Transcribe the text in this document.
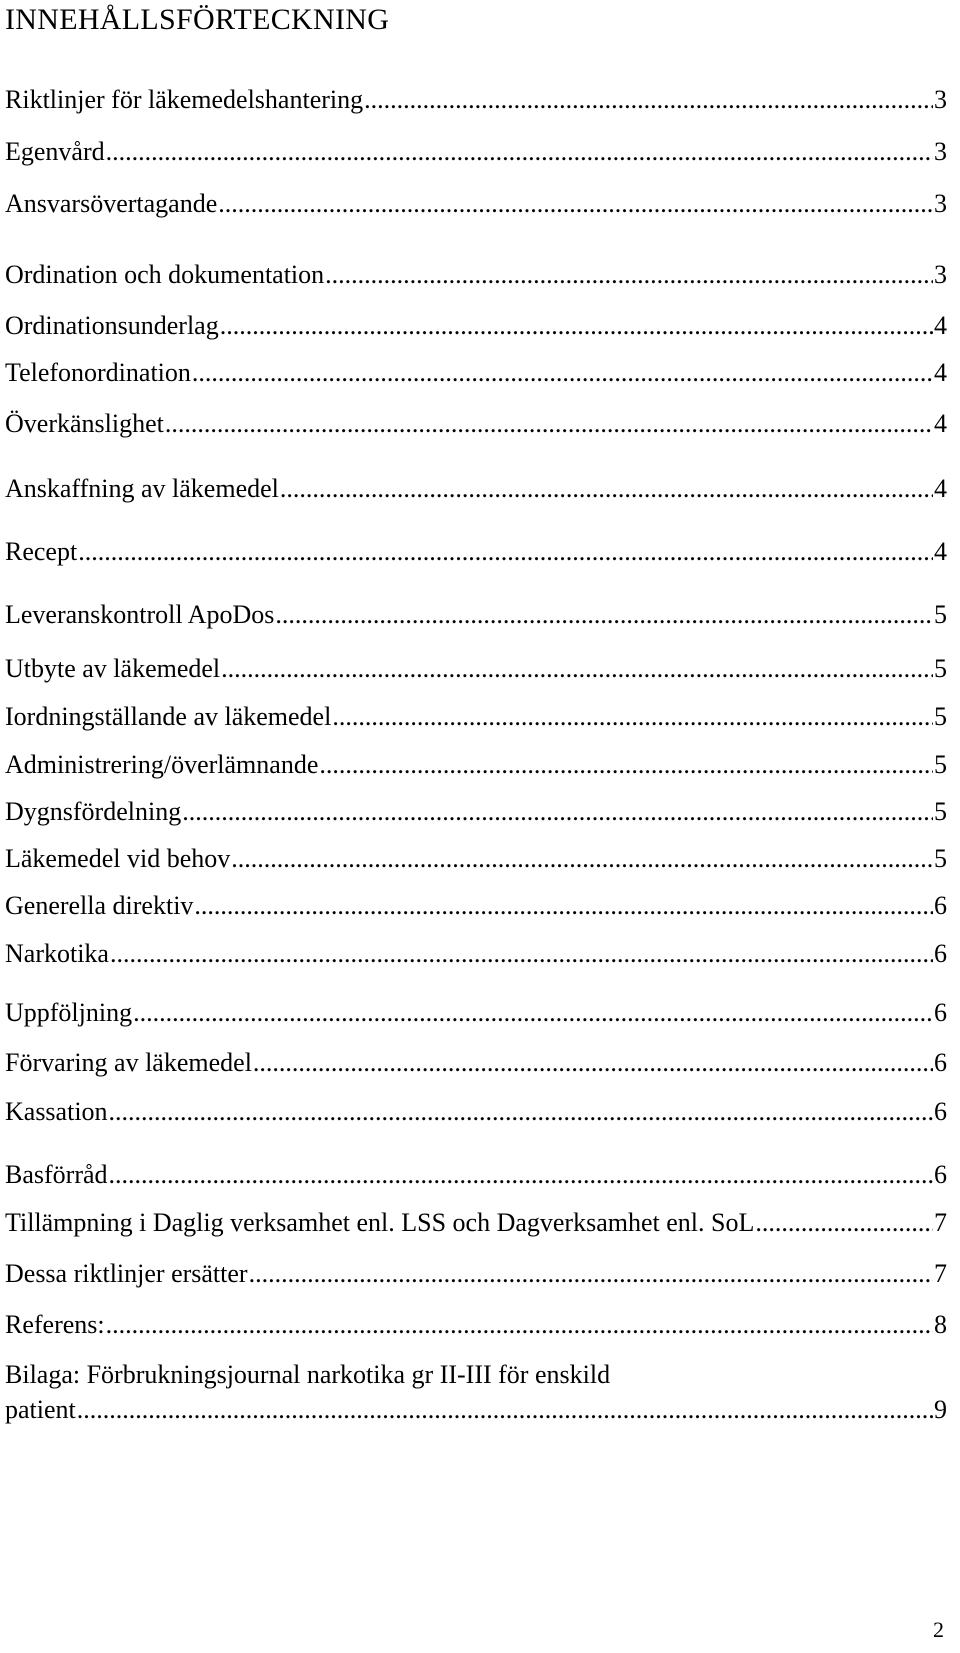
INNEHÅLLSFÖRTECKNING
Riktlinjer för läkemedelshantering .....	3
Egenvård .....	3
Ansvarsövertagande .....	3
Ordination och dokumentation .....	3
Ordinationsunderlag .....	4
Telefonordination .....	4
Överkänslighet .....	4
Anskaffning av läkemedel .....	4
Recept .....	4
Leveranskontroll ApoDos .....	5
Utbyte av läkemedel .....	5
Iordningställande av läkemedel .....	5
Administrering/överlämnande .....	5
Dygnsfördelning .....	5
Läkemedel vid behov .....	5
Generella direktiv .....	6
Narkotika .....	6
Uppföljning .....	6
Förvaring av läkemedel .....	6
Kassation .....	6
Basförråd .....	6
Tillämpning i Daglig verksamhet enl. LSS och Dagverksamhet enl. SoL .....	7
Dessa riktlinjer ersätter .....	7
Referens: .....	8
Bilaga: Förbrukningsjournal narkotika gr II-III för enskild
patient .....	9
2
